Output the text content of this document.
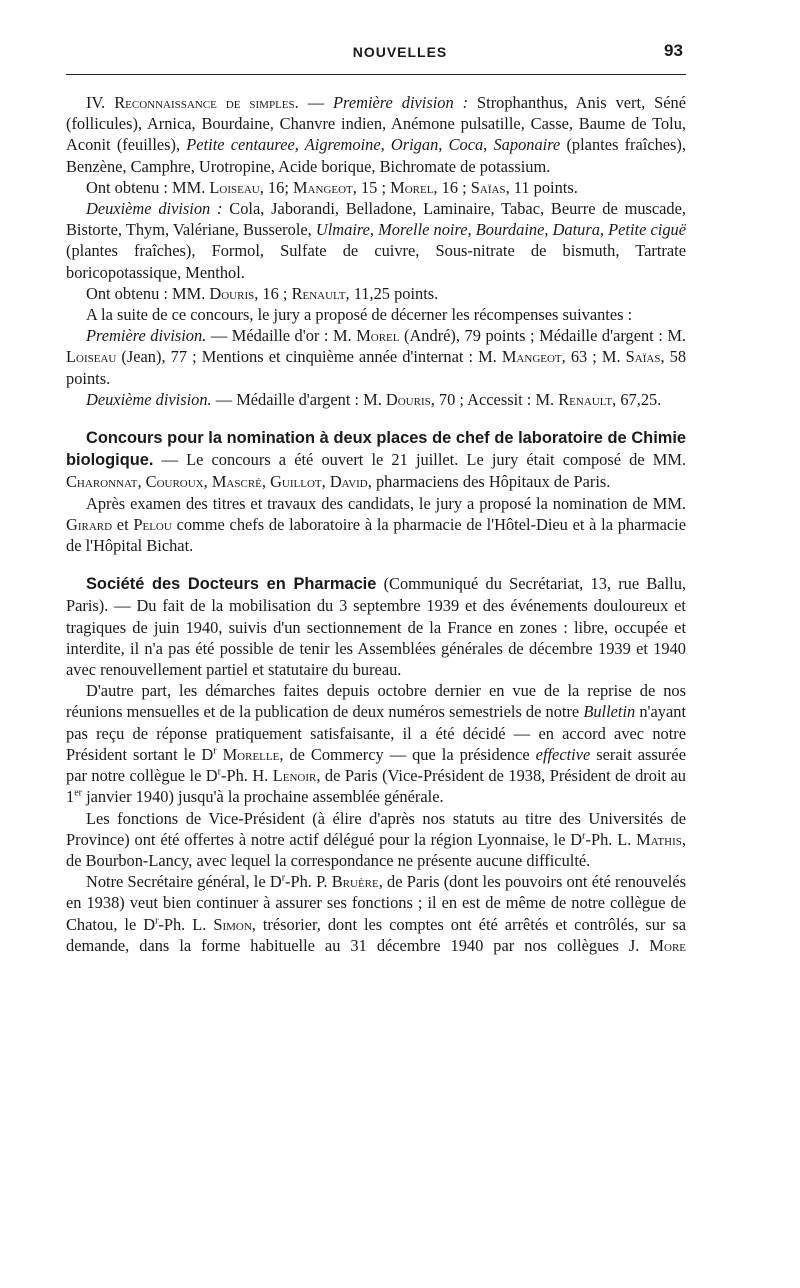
NOUVELLES	93

IV. Reconnaissance de simples. — Première division : Strophanthus, Anis vert, Séné (follicules), Arnica, Bourdaine, Chanvre indien, Anémone pulsatille, Casse, Baume de Tolu, Aconit (feuilles), Petite centauree, Aigremoine, Origan, Coca, Saponaire (plantes fraîches), Benzène, Camphre, Urotropine, Acide borique, Bichromate de potassium.

Ont obtenu : MM. Loiseau, 16; Mangeot, 15 ; Morel, 16 ; Saïas, 11 points.

Deuxième division : Cola, Jaborandi, Belladone, Laminaire, Tabac, Beurre de muscade, Bistorte, Thym, Valériane, Busserole, Ulmaire, Morelle noire, Bourdaine, Datura, Petite ciguë (plantes fraîches), Formol, Sulfate de cuivre, Sous-nitrate de bismuth, Tartrate boricopotassique, Menthol.

Ont obtenu : MM. Douris, 16 ; Renault, 11,25 points.

A la suite de ce concours, le jury a proposé de décerner les récompenses suivantes :

Première division. — Médaille d'or : M. Morel (André), 79 points ; Médaille d'argent : M. Loiseau (Jean), 77 ; Mentions et cinquième année d'internat : M. Mangeot, 63 ; M. Saïas, 58 points.

Deuxième division. — Médaille d'argent : M. Douris, 70 ; Accessit : M. Renault, 67,25.

Concours pour la nomination à deux places de chef de laboratoire de Chimie biologique. — Le concours a été ouvert le 21 juillet. Le jury était composé de MM. Charonnat, Couroux, Mascré, Guillot, David, pharmaciens des Hôpitaux de Paris.

Après examen des titres et travaux des candidats, le jury a proposé la nomination de MM. Girard et Pelou comme chefs de laboratoire à la pharmacie de l'Hôtel-Dieu et à la pharmacie de l'Hôpital Bichat.

Société des Docteurs en Pharmacie (Communiqué du Secrétariat, 13, rue Ballu, Paris). — Du fait de la mobilisation du 3 septembre 1939 et des événements douloureux et tragiques de juin 1940, suivis d'un sectionnement de la France en zones : libre, occupée et interdite, il n'a pas été possible de tenir les Assemblées générales de décembre 1939 et 1940 avec renouvellement partiel et statutaire du bureau.

D'autre part, les démarches faites depuis octobre dernier en vue de la reprise de nos réunions mensuelles et de la publication de deux numéros semestriels de notre Bulletin n'ayant pas reçu de réponse pratiquement satisfaisante, il a été décidé — en accord avec notre Président sortant le $D^r$ Morelle, de Commercy — que la présidence effective serait assurée par notre collègue le $D^r-Ph$. H. Lenoir, de Paris (Vice-Président de 1938, Président de droit au 1er janvier 1940) jusqu'à la prochaine assemblée générale.

Les fonctions de Vice-Président (à élire d'après nos statuts au titre des Universités de Province) ont été offertes à notre actif délégué pour la région Lyonnaise, le $D^r-Ph$. L. Mathis, de Bourbon-Lancy, avec lequel la correspondance ne présente aucune difficulté.

Notre Secrétaire général, le $D^r-Ph$. P. Bruère, de Paris (dont les pouvoirs ont été renouvelés en 1938) veut bien continuer à assurer ses fonctions ; il en est de même de notre collègue de Chatou, le $D^r-Ph$. L. Simon, trésorier, dont les comptes ont été arrêtés et contrôlés, sur sa demande, dans la forme habituelle au 31 décembre 1940 par nos collègues J. More
